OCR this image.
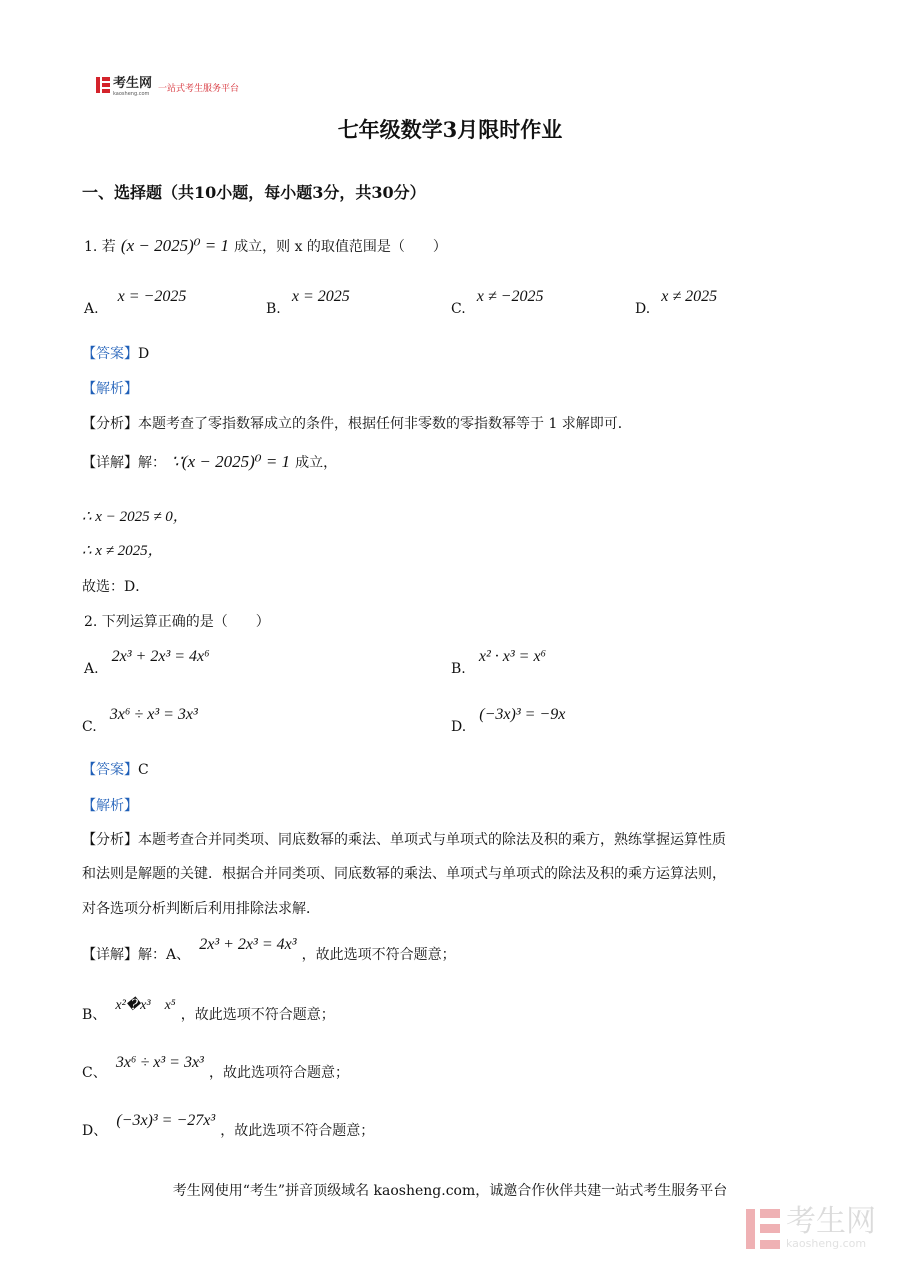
考生网
kaosheng.com 一站式考生服务平台
七年级数学3月限时作业
一、选择题（共10小题，每小题3分，共30分）
1. 若 (x − 2025)⁰ = 1 成立，则 x 的取值范围是（　　）
A. x = −2025
B. x = 2025
C. x ≠ −2025
D. x ≠ 2025
【答案】D
【解析】
【分析】本题考查了零指数幂成立的条件，根据任何非零数的零指数幂等于 1 求解即可．
【详解】解： ∵(x − 2025)⁰ = 1 成立，
∴ x − 2025 ≠ 0，
∴ x ≠ 2025，
故选：D．
2. 下列运算正确的是（　　）
A. 2x³ + 2x³ = 4x⁶
B. x² · x³ = x⁶
C. 3x⁶ ÷ x³ = 3x³
D. (−3x)³ = −9x
【答案】C
【解析】
【分析】本题考查合并同类项、同底数幂的乘法、单项式与单项式的除法及积的乘方，熟练掌握运算性质
和法则是解题的关键．根据合并同类项、同底数幂的乘法、单项式与单项式的除法及积的乘方运算法则，
对各选项分析判断后利用排除法求解．
【详解】解：A、 2x³ + 2x³ = 4x³ ，故此选项不符合题意；
B、 x²�x³　x⁵ ，故此选项不符合题意；
C、 3x⁶ ÷ x³ = 3x³ ，故此选项符合题意；
D、 (−3x)³ = −27x³ ，故此选项不符合题意；
考生网使用“考生”拼音顶级域名 kaosheng.com，诚邀合作伙伴共建一站式考生服务平台
考生网
kaosheng.com
